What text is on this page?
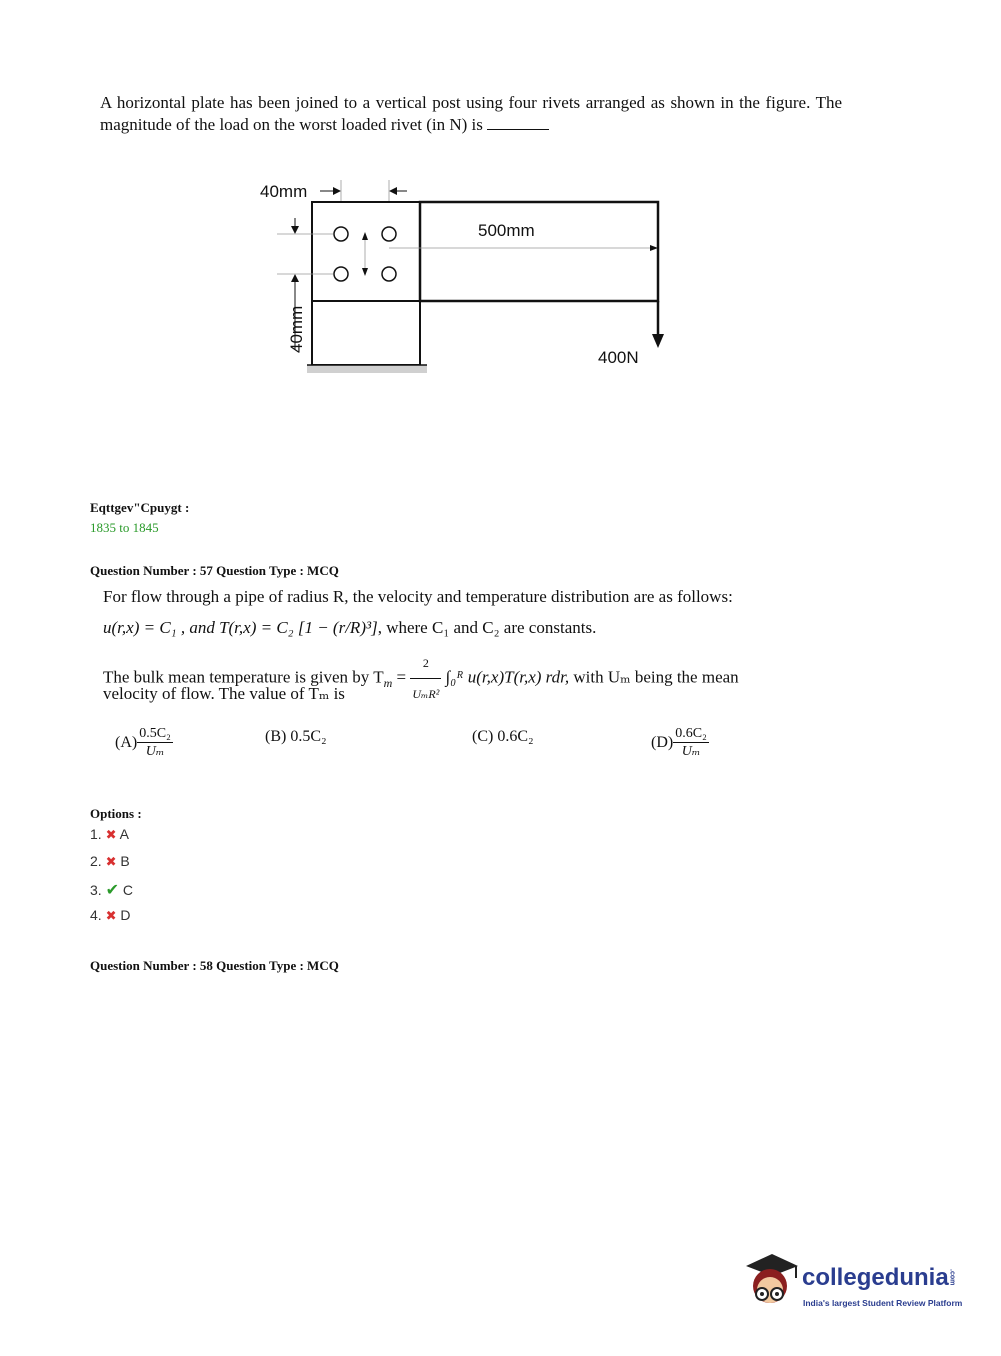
A horizontal plate has been joined to a vertical post using four rivets arranged as shown in the figure. The magnitude of the load on the worst loaded rivet (in N) is
40mm
40mm
500mm
400N
Eqttgev"Cpuygt :
1835 to 1845
Question Number : 57 Question Type : MCQ
For flow through a pipe of radius R, the velocity and temperature distribution are as follows:
u(r,x) = C₁ , and T(r,x) = C₂ [1 − (r/R)³], where C₁ and C₂ are constants.
The bulk mean temperature is given by $T_m = \frac{2}{\text{UₘR²}}$ ∫₀ᴿ u(r,x)T(r,x) rdr, with Uₘ being the mean
velocity of flow. The value of Tₘ is
$(A) \frac{\text{0.5C₂}}{\text{Uₘ}}$	(B) 0.5C₂	(C) 0.6C₂	$(D) \frac{\text{0.6C₂}}{\text{Uₘ}}$
Options :
1. ✖ A
2. ✖ B
3. ✔ C
4. ✖ D
Question Number : 58 Question Type : MCQ
collegedunia.com
India's largest Student Review Platform
